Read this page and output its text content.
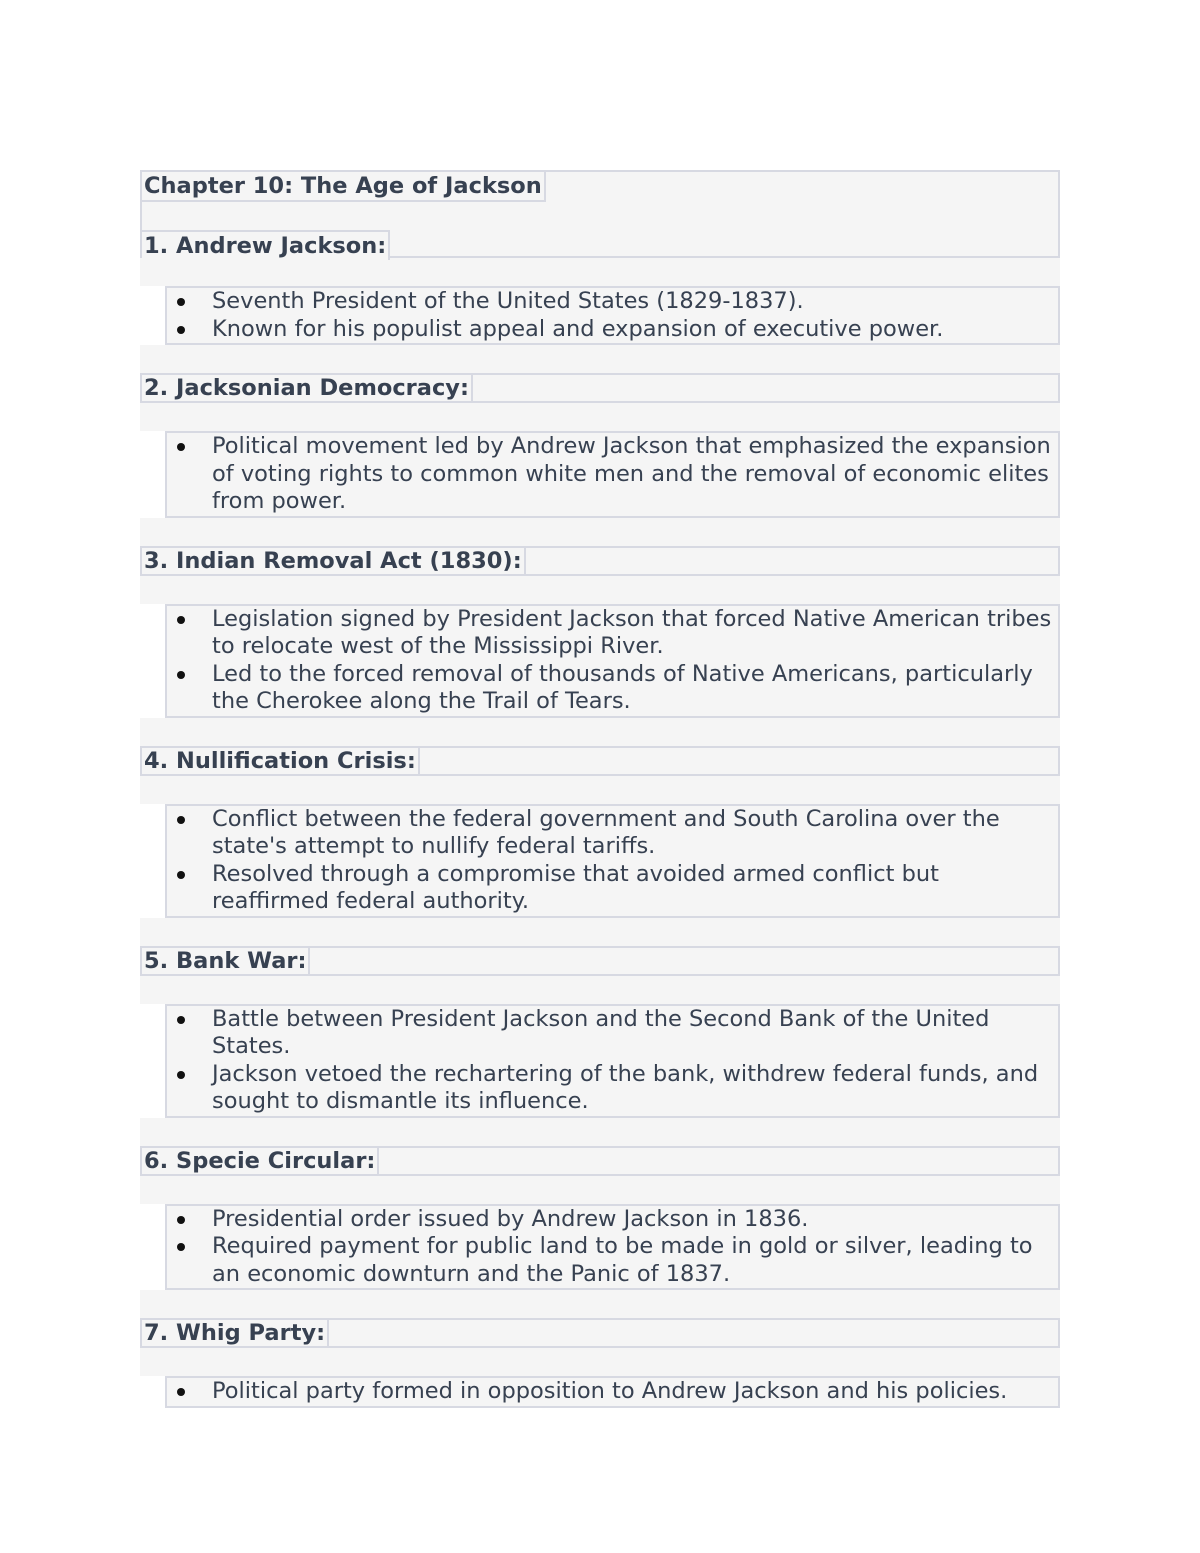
Chapter 10: The Age of Jackson
1. Andrew Jackson:
Seventh President of the United States (1829-1837).
Known for his populist appeal and expansion of executive power.
2. Jacksonian Democracy:
Political movement led by Andrew Jackson that emphasized the expansion of voting rights to common white men and the removal of economic elites from power.
3. Indian Removal Act (1830):
Legislation signed by President Jackson that forced Native American tribes to relocate west of the Mississippi River.
Led to the forced removal of thousands of Native Americans, particularly the Cherokee along the Trail of Tears.
4. Nullification Crisis:
Conflict between the federal government and South Carolina over the state's attempt to nullify federal tariffs.
Resolved through a compromise that avoided armed conflict but reaffirmed federal authority.
5. Bank War:
Battle between President Jackson and the Second Bank of the United States.
Jackson vetoed the rechartering of the bank, withdrew federal funds, and sought to dismantle its influence.
6. Specie Circular:
Presidential order issued by Andrew Jackson in 1836.
Required payment for public land to be made in gold or silver, leading to an economic downturn and the Panic of 1837.
7. Whig Party:
Political party formed in opposition to Andrew Jackson and his policies.
